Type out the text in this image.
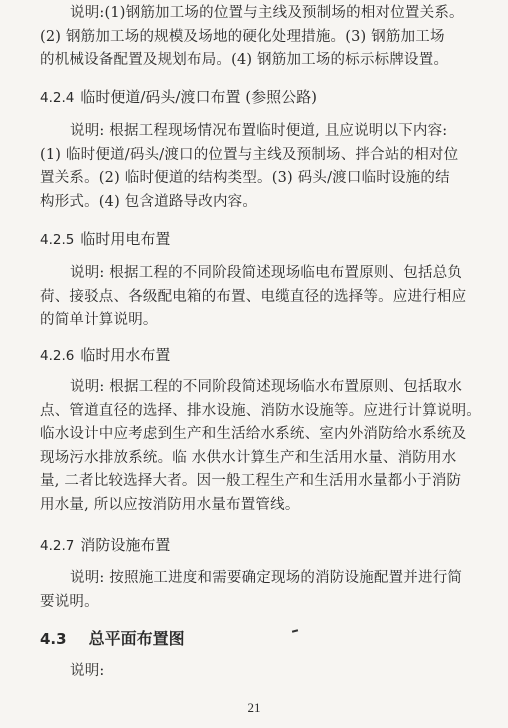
说明:(1)钢筋加工场的位置与主线及预制场的相对位置关系。
(2) 钢筋加工场的规模及场地的硬化处理措施。(3) 钢筋加工场
的机械设备配置及规划布局。(4) 钢筋加工场的标示标牌设置。
4.2.4 临时便道/码头/渡口布置 (参照公路)
说明: 根据工程现场情况布置临时便道, 且应说明以下内容:
(1) 临时便道/码头/渡口的位置与主线及预制场、拌合站的相对位
置关系。(2) 临时便道的结构类型。(3) 码头/渡口临时设施的结
构形式。(4) 包含道路导改内容。
4.2.5 临时用电布置
说明: 根据工程的不同阶段简述现场临电布置原则、包括总负
荷、接驳点、各级配电箱的布置、电缆直径的选择等。应进行相应
的简单计算说明。
4.2.6 临时用水布置
说明: 根据工程的不同阶段简述现场临水布置原则、包括取水
点、管道直径的选择、排水设施、消防水设施等。应进行计算说明。
临水设计中应考虑到生产和生活给水系统、室内外消防给水系统及
现场污水排放系统。临 水供水计算生产和生活用水量、消防用水
量, 二者比较选择大者。因一般工程生产和生活用水量都小于消防
用水量, 所以应按消防用水量布置管线。
4.2.7 消防设施布置
说明: 按照施工进度和需要确定现场的消防设施配置并进行简
要说明。
4.3 总平面布置图
说明:
21
